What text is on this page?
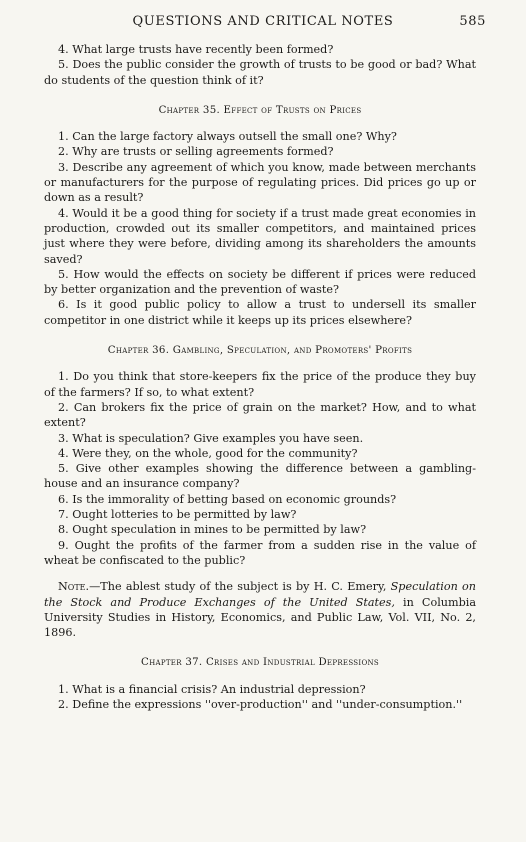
QUESTIONS AND CRITICAL NOTES	585

4. What large trusts have recently been formed?

5. Does the public consider the growth of trusts to be good or bad? What do students of the question think of it?

Chapter 35. Effect of Trusts on Prices

1. Can the large factory always outsell the small one? Why?

2. Why are trusts or selling agreements formed?

3. Describe any agreement of which you know, made between merchants or manufacturers for the purpose of regulating prices. Did prices go up or down as a result?

4. Would it be a good thing for society if a trust made great economies in production, crowded out its smaller competitors, and maintained prices just where they were before, dividing among its shareholders the amounts saved?

5. How would the effects on society be different if prices were reduced by better organization and the prevention of waste?

6. Is it good public policy to allow a trust to undersell its smaller competitor in one district while it keeps up its prices elsewhere?

Chapter 36. Gambling, Speculation, and Promoters' Profits

1. Do you think that store-keepers fix the price of the produce they buy of the farmers? If so, to what extent?

2. Can brokers fix the price of grain on the market? How, and to what extent?

3. What is speculation? Give examples you have seen.

4. Were they, on the whole, good for the community?

5. Give other examples showing the difference between a gambling-house and an insurance company?

6. Is the immorality of betting based on economic grounds?

7. Ought lotteries to be permitted by law?

8. Ought speculation in mines to be permitted by law?

9. Ought the profits of the farmer from a sudden rise in the value of wheat be confiscated to the public?

Note.—The ablest study of the subject is by H. C. Emery, Speculation on the Stock and Produce Exchanges of the United States, in Columbia University Studies in History, Economics, and Public Law, Vol. VII, No. 2, 1896.

Chapter 37. Crises and Industrial Depressions

1. What is a financial crisis? An industrial depression?

2. Define the expressions ''over-production'' and ''under-consumption.''
